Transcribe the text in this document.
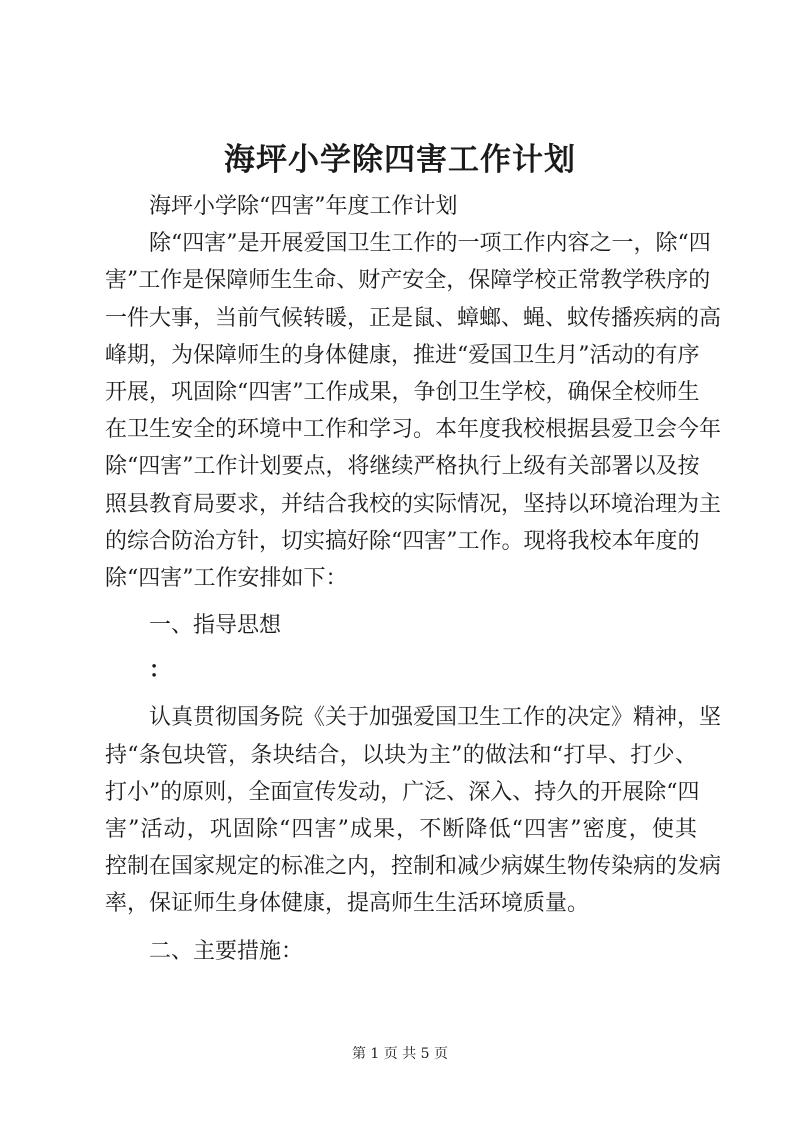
海坪小学除四害工作计划
海坪小学除“四害”年度工作计划
除“四害”是开展爱国卫生工作的一项工作内容之一，除“四
害”工作是保障师生生命、财产安全，保障学校正常教学秩序的
一件大事，当前气候转暖，正是鼠、蟑螂、蝇、蚊传播疾病的高
峰期，为保障师生的身体健康，推进“爱国卫生月”活动的有序
开展，巩固除“四害”工作成果，争创卫生学校，确保全校师生
在卫生安全的环境中工作和学习。本年度我校根据县爱卫会今年
除“四害”工作计划要点，将继续严格执行上级有关部署以及按
照县教育局要求，并结合我校的实际情况，坚持以环境治理为主
的综合防治方针，切实搞好除“四害”工作。现将我校本年度的
除“四害”工作安排如下：
一、指导思想
：
认真贯彻国务院《关于加强爱国卫生工作的决定》精神，坚
持“条包块管，条块结合，以块为主”的做法和“打早、打少、
打小”的原则，全面宣传发动，广泛、深入、持久的开展除“四
害”活动，巩固除“四害”成果，不断降低“四害”密度，使其
控制在国家规定的标准之内，控制和减少病媒生物传染病的发病
率，保证师生身体健康，提高师生生活环境质量。
二、主要措施：
第 1 页 共 5 页
